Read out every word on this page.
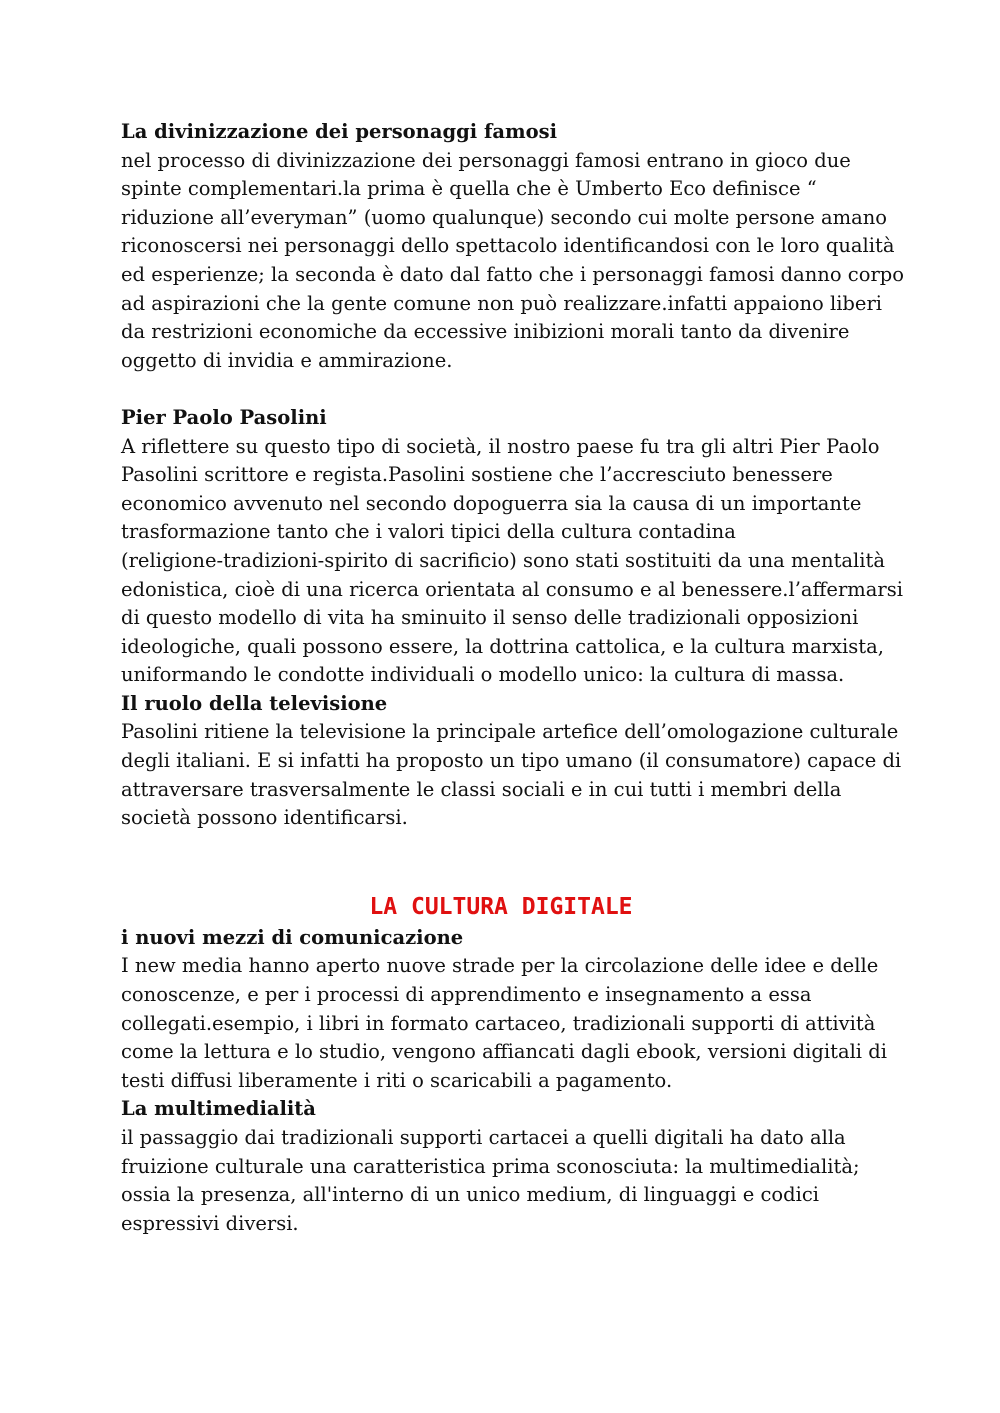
La divinizzazione dei personaggi famosi

nel processo di divinizzazione dei personaggi famosi entrano in gioco due
spinte complementari.la prima è quella che è Umberto Eco definisce “
riduzione all’everyman” (uomo qualunque) secondo cui molte persone amano
riconoscersi nei personaggi dello spettacolo identificandosi con le loro qualità
ed esperienze; la seconda è dato dal fatto che i personaggi famosi danno corpo
ad aspirazioni che la gente comune non può realizzare.infatti appaiono liberi
da restrizioni economiche da eccessive inibizioni morali tanto da divenire
oggetto di invidia e ammirazione.

Pier Paolo Pasolini

A riflettere su questo tipo di società, il nostro paese fu tra gli altri Pier Paolo
Pasolini scrittore e regista.Pasolini sostiene che l’accresciuto benessere
economico avvenuto nel secondo dopoguerra sia la causa di un importante
trasformazione tanto che i valori tipici della cultura contadina
(religione-tradizioni-spirito di sacrificio) sono stati sostituiti da una mentalità
edonistica, cioè di una ricerca orientata al consumo e al benessere.l’affermarsi
di questo modello di vita ha sminuito il senso delle tradizionali opposizioni
ideologiche, quali possono essere, la dottrina cattolica, e la cultura marxista,
uniformando le condotte individuali o modello unico: la cultura di massa.

Il ruolo della televisione

Pasolini ritiene la televisione la principale artefice dell’omologazione culturale
degli italiani. E si infatti ha proposto un tipo umano (il consumatore) capace di
attraversare trasversalmente le classi sociali e in cui tutti i membri della
società possono identificarsi.

LA CULTURA DIGITALE

i nuovi mezzi di comunicazione

I new media hanno aperto nuove strade per la circolazione delle idee e delle
conoscenze, e per i processi di apprendimento e insegnamento a essa
collegati.esempio, i libri in formato cartaceo, tradizionali supporti di attività
come la lettura e lo studio, vengono affiancati dagli ebook, versioni digitali di
testi diffusi liberamente i riti o scaricabili a pagamento.

La multimedialità

il passaggio dai tradizionali supporti cartacei a quelli digitali ha dato alla
fruizione culturale una caratteristica prima sconosciuta: la multimedialità;
ossia la presenza, all'interno di un unico medium, di linguaggi e codici
espressivi diversi.
